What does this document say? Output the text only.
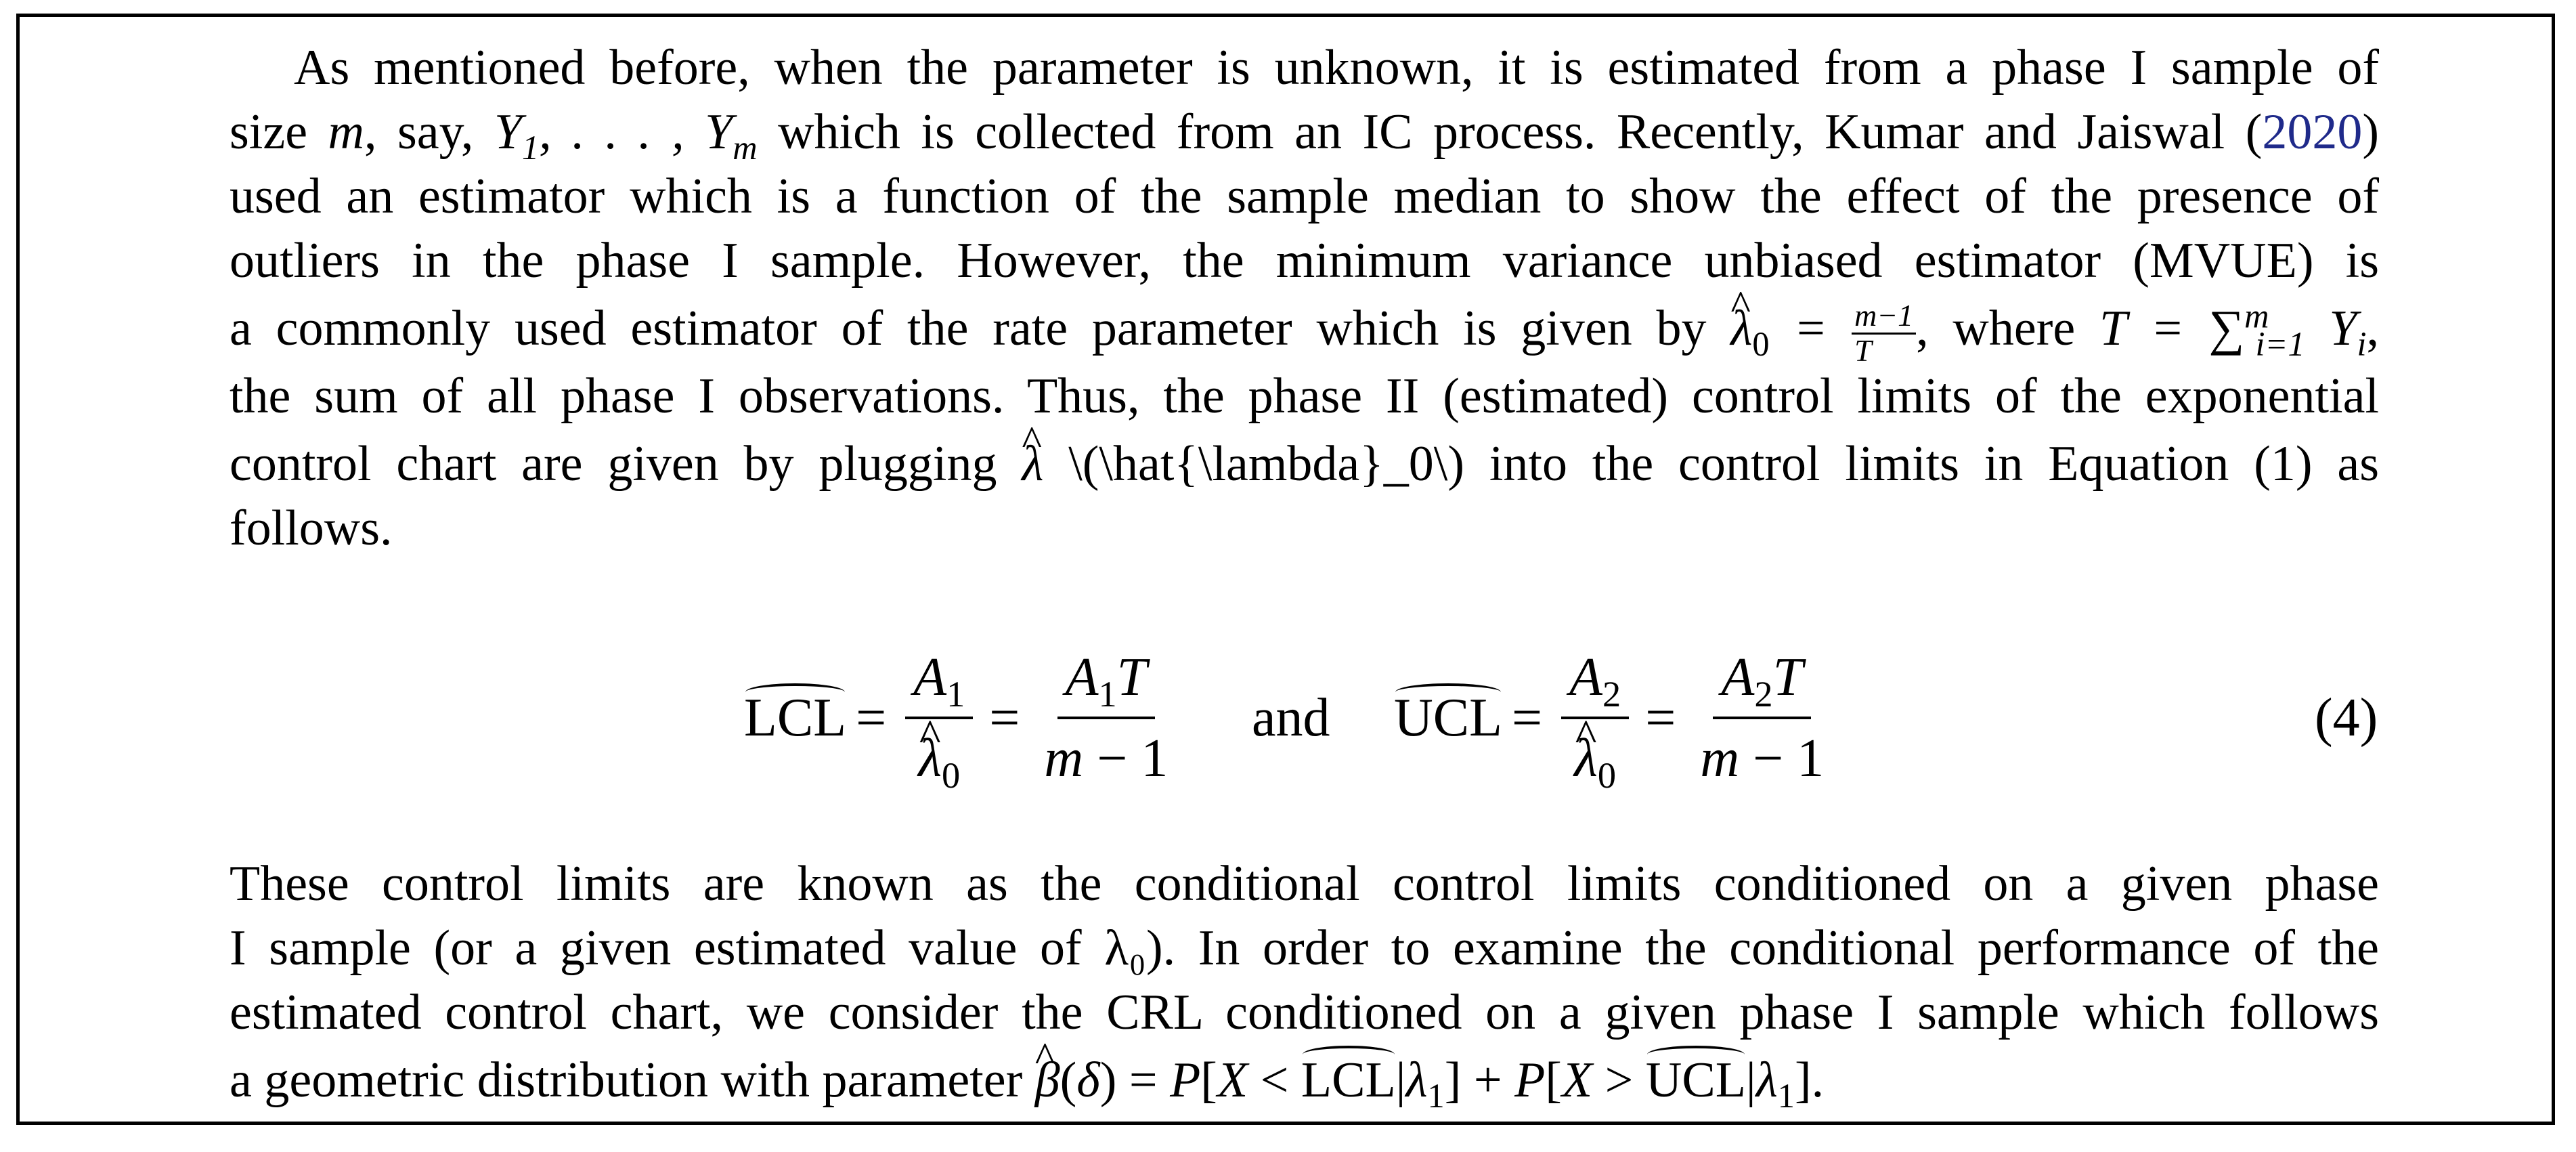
As mentioned before, when the parameter is unknown, it is estimated from a phase I sample of
size m, say, $Y_1$, . . . , $Y_m$ which is collected from an IC process. Recently, Kumar and Jaiswal (2020)
used an estimator which is a function of the sample median to show the effect of the presence of
outliers in the phase I sample. However, the minimum variance unbiased estimator (MVUE) is
a commonly used estimator of the rate parameter which is given by ^ $\lambda_0 = \frac{m-1}{T}$ , where T = ∑$^m_{i=1}$ $Y_i$,
the sum of all phase I observations. Thus, the phase II (estimated) control limits of the exponential
control chart are given by plugging ^ λ \(\hat{\lambda}_0\) into the control limits in Equation (1) as
follows.
LCL = $A_1$
^ $\lambda_0 = \frac{A_1T}{m - 1}$ and UCL = $A_2$
^ $\lambda_0 = \frac{A_2T}{m - 1}$	(4)
These control limits are known as the conditional control limits conditioned on a given phase
I sample (or a given estimated value of λ₀). In order to examine the conditional performance of the
estimated control chart, we consider the CRL conditioned on a given phase I sample which follows
a geometric distribution with parameter ^ $\beta(\delta) = P[X < LCL|\lambda_1] + P[X > UCL|\lambda_1]$.
